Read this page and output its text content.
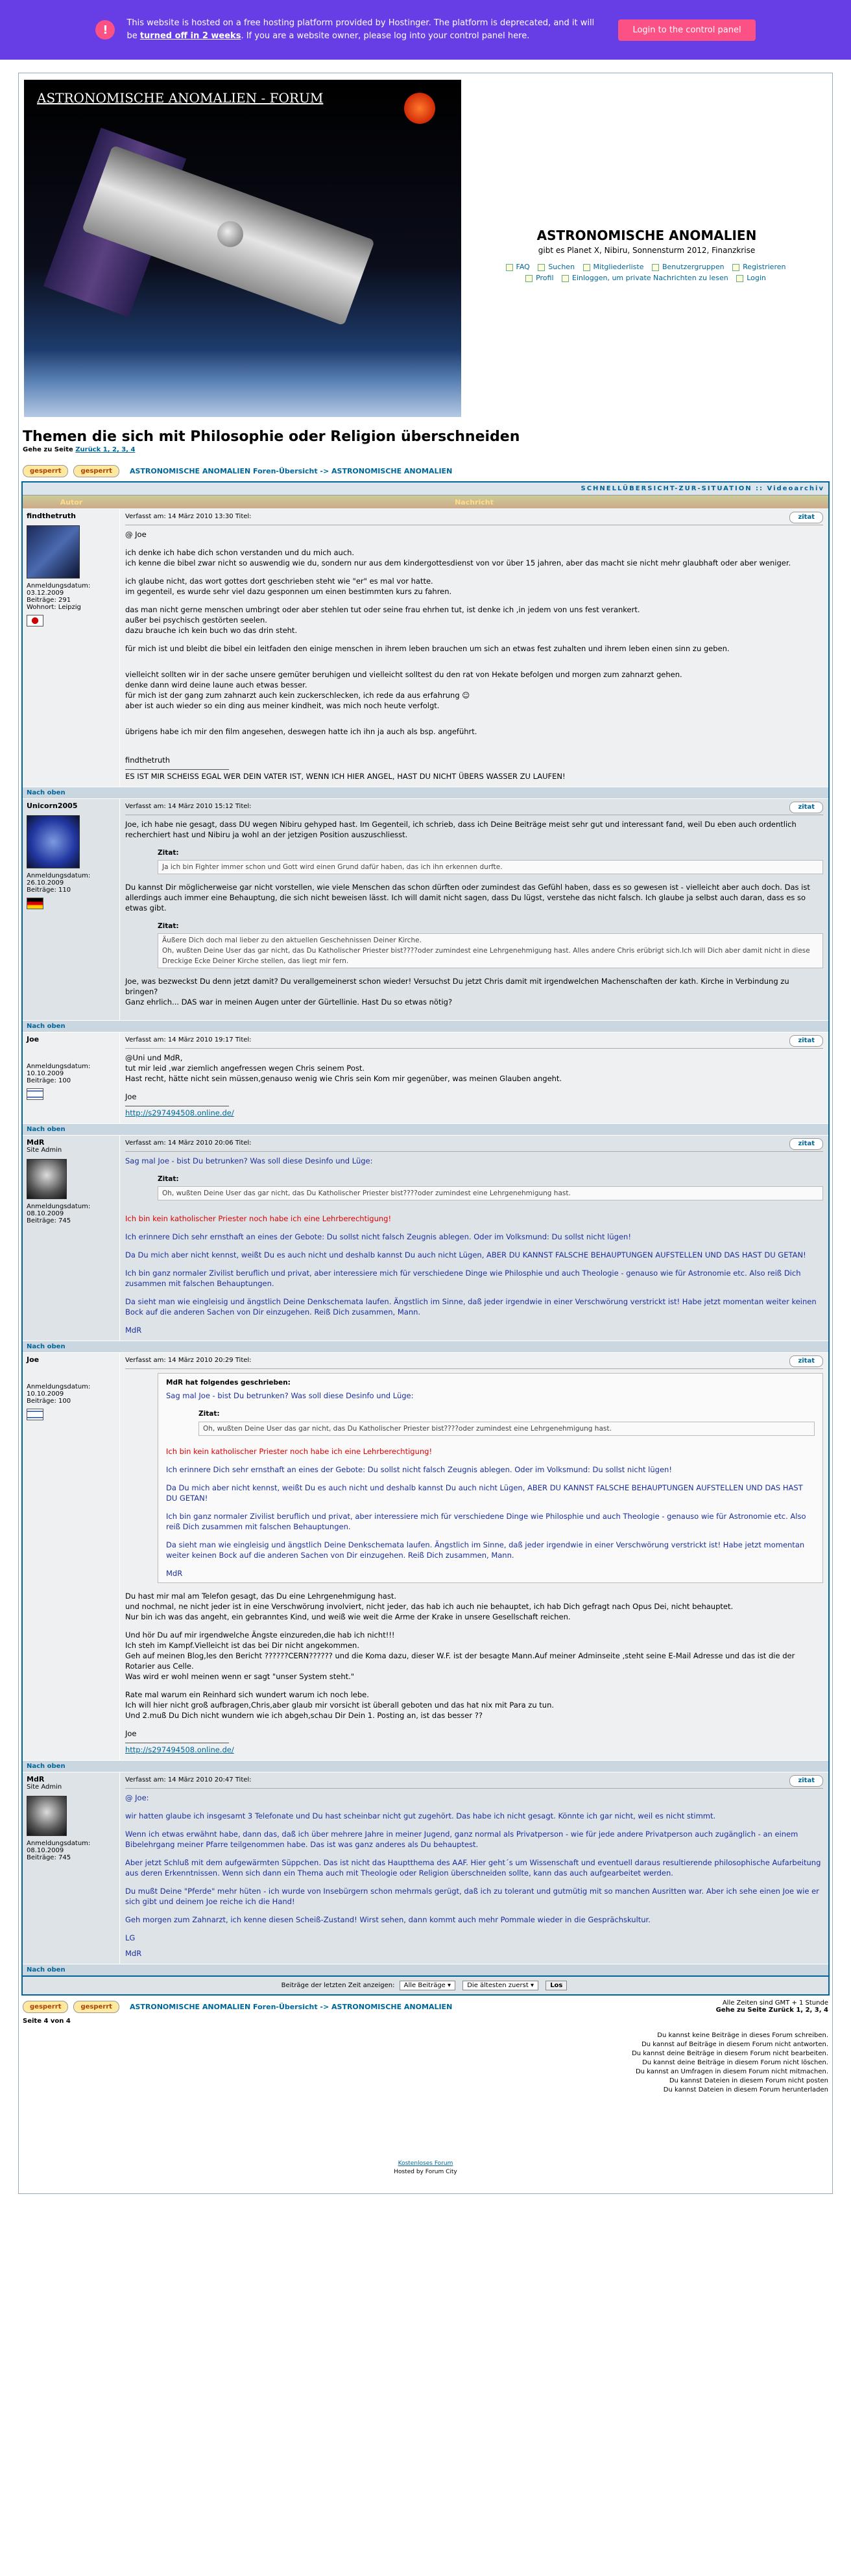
!	This website is hosted on a free hosting platform provided by Hostinger. The platform is deprecated, and it will be turned off in 2 weeks. If you are a website owner, please log into your control panel here.
Login to the control panel
ASTRONOMISCHE ANOMALIEN - FORUM
ASTRONOMISCHE ANOMALIEN
gibt es Planet X, Nibiru, Sonnensturm 2012, Finanzkrise
FAQ	Suchen	Mitgliederliste	Benutzergruppen	Registrieren
Profil	Einloggen, um private Nachrichten zu lesen	Login
Themen die sich mit Philosophie oder Religion überschneiden
Gehe zu Seite Zurück 1, 2, 3, 4
gesperrt	gesperrt	ASTRONOMISCHE ANOMALIEN Foren-Übersicht -> ASTRONOMISCHE ANOMALIEN
SCHNELLÜBERSICHT-ZUR-SITUATION :: Videoarchiv
Autor	Nachricht
findthetruth
Anmeldungsdatum: 03.12.2009
Beiträge: 291
Wohnort: Leipzig
Verfasst am: 14 März 2010 13:30 Titel:	zitat

@ Joe

ich denke ich habe dich schon verstanden und du mich auch.
ich kenne die bibel zwar nicht so auswendig wie du, sondern nur aus dem kindergottesdienst von vor über 15 jahren, aber das macht sie nicht mehr glaubhaft oder aber weniger.

ich glaube nicht, das wort gottes dort geschrieben steht wie "er" es mal vor hatte.
im gegenteil, es wurde sehr viel dazu gesponnen um einen bestimmten kurs zu fahren.

das man nicht gerne menschen umbringt oder aber stehlen tut oder seine frau ehrhen tut, ist denke ich ,in jedem von uns fest verankert.
außer bei psychisch gestörten seelen.
dazu brauche ich kein buch wo das drin steht.

für mich ist und bleibt die bibel ein leitfaden den einige menschen in ihrem leben brauchen um sich an etwas fest zuhalten und ihrem leben einen sinn zu geben.

vielleicht sollten wir in der sache unsere gemüter beruhigen und vielleicht solltest du den rat von Hekate befolgen und morgen zum zahnarzt gehen.
denke dann wird deine laune auch etwas besser.
für mich ist der gang zum zahnarzt auch kein zuckerschlecken, ich rede da aus erfahrung ☺
aber ist auch wieder so ein ding aus meiner kindheit, was mich noch heute verfolgt.

übrigens habe ich mir den film angesehen, deswegen hatte ich ihn ja auch als bsp. angeführt.

findthetruth

ES IST MIR SCHEISS EGAL WER DEIN VATER IST, WENN ICH HIER ANGEL, HAST DU NICHT ÜBERS WASSER ZU LAUFEN!
Nach oben
Unicorn2005
Anmeldungsdatum: 26.10.2009
Beiträge: 110
Verfasst am: 14 März 2010 15:12 Titel:	zitat

Joe, ich habe nie gesagt, dass DU wegen Nibiru gehyped hast. Im Gegenteil, ich schrieb, dass ich Deine Beiträge meist sehr gut und interessant fand, weil Du eben auch ordentlich recherchiert hast und Nibiru ja wohl an der jetzigen Position auszuschliesst.

Zitat:
Ja ich bin Fighter immer schon und Gott wird einen Grund dafür haben, das ich ihn erkennen durfte.

Du kannst Dir möglicherweise gar nicht vorstellen, wie viele Menschen das schon dürften oder zumindest das Gefühl haben, dass es so gewesen ist - vielleicht aber auch doch. Das ist allerdings auch immer eine Behauptung, die sich nicht beweisen lässt. Ich will damit nicht sagen, dass Du lügst, verstehe das nicht falsch. Ich glaube ja selbst auch daran, dass es so etwas gibt.

Zitat:
Äußere Dich doch mal lieber zu den aktuellen Geschehnissen Deiner Kirche.
Oh, wußten Deine User das gar nicht, das Du Katholischer Priester bist????oder zumindest eine Lehrgenehmigung hast. Alles andere Chris erübrigt sich.Ich will Dich aber damit nicht in diese Dreckige Ecke Deiner Kirche stellen, das liegt mir fern.

Joe, was bezweckst Du denn jetzt damit? Du verallgemeinerst schon wieder! Versuchst Du jetzt Chris damit mit irgendwelchen Machenschaften der kath. Kirche in Verbindung zu bringen?
Ganz ehrlich... DAS war in meinen Augen unter der Gürtellinie. Hast Du so etwas nötig?

Nach oben
Joe
Anmeldungsdatum: 10.10.2009
Beiträge: 100
Verfasst am: 14 März 2010 19:17 Titel:	zitat

@Uni und MdR,
tut mir leid ,war ziemlich angefressen wegen Chris seinem Post.
Hast recht, hätte nicht sein müssen,genauso wenig wie Chris sein Kom mir gegenüber, was meinen Glauben angeht.

Joe

http://s297494508.online.de/
Nach oben
MdR
Site Admin
Anmeldungsdatum: 08.10.2009
Beiträge: 745
Verfasst am: 14 März 2010 20:06 Titel:	zitat

Sag mal Joe - bist Du betrunken? Was soll diese Desinfo und Lüge:

Zitat:
Oh, wußten Deine User das gar nicht, das Du Katholischer Priester bist????oder zumindest eine Lehrgenehmigung hast.

Ich bin kein katholischer Priester noch habe ich eine Lehrberechtigung!

Ich erinnere Dich sehr ernsthaft an eines der Gebote: Du sollst nicht falsch Zeugnis ablegen. Oder im Volksmund: Du sollst nicht lügen!

Da Du mich aber nicht kennst, weißt Du es auch nicht und deshalb kannst Du auch nicht Lügen, ABER DU KANNST FALSCHE BEHAUPTUNGEN AUFSTELLEN UND DAS HAST DU GETAN!

Ich bin ganz normaler Zivilist beruflich und privat, aber interessiere mich für verschiedene Dinge wie Philosphie und auch Theologie - genauso wie für Astronomie etc. Also reiß Dich zusammen mit falschen Behauptungen.

Da sieht man wie eingleisig und ängstlich Deine Denkschemata laufen. Ängstlich im Sinne, daß jeder irgendwie in einer Verschwörung verstrickt ist! Habe jetzt momentan weiter keinen Bock auf die anderen Sachen von Dir einzugehen. Reiß Dich zusammen, Mann.

MdR

Nach oben
Joe
Anmeldungsdatum: 10.10.2009
Beiträge: 100
Verfasst am: 14 März 2010 20:29 Titel:	zitat
MdR hat folgendes geschrieben:

Sag mal Joe - bist Du betrunken? Was soll diese Desinfo und Lüge:

Zitat:
Oh, wußten Deine User das gar nicht, das Du Katholischer Priester bist????oder zumindest eine Lehrgenehmigung hast.

Ich bin kein katholischer Priester noch habe ich eine Lehrberechtigung!

Ich erinnere Dich sehr ernsthaft an eines der Gebote: Du sollst nicht falsch Zeugnis ablegen. Oder im Volksmund: Du sollst nicht lügen!

Da Du mich aber nicht kennst, weißt Du es auch nicht und deshalb kannst Du auch nicht Lügen, ABER DU KANNST FALSCHE BEHAUPTUNGEN AUFSTELLEN UND DAS HAST DU GETAN!

Ich bin ganz normaler Zivilist beruflich und privat, aber interessiere mich für verschiedene Dinge wie Philosphie und auch Theologie - genauso wie für Astronomie etc. Also reiß Dich zusammen mit falschen Behauptungen.

Da sieht man wie eingleisig und ängstlich Deine Denkschemata laufen. Ängstlich im Sinne, daß jeder irgendwie in einer Verschwörung verstrickt ist! Habe jetzt momentan weiter keinen Bock auf die anderen Sachen von Dir einzugehen. Reiß Dich zusammen, Mann.

MdR

Du hast mir mal am Telefon gesagt, das Du eine Lehrgenehmigung hast.
und nochmal, ne nicht jeder ist in eine Verschwörung involviert, nicht jeder, das hab ich auch nie behauptet, ich hab Dich gefragt nach Opus Dei, nicht behauptet.
Nur bin ich was das angeht, ein gebranntes Kind, und weiß wie weit die Arme der Krake in unsere Gesellschaft reichen.

Und hör Du auf mir irgendwelche Ängste einzureden,die hab ich nicht!!!
Ich steh im Kampf.Vielleicht ist das bei Dir nicht angekommen.
Geh auf meinen Blog,les den Bericht ??????CERN?????? und die Koma dazu, dieser W.F. ist der besagte Mann.Auf meiner Adminseite ,steht seine E-Mail Adresse und das ist die der Rotarier aus Celle.
Was wird er wohl meinen wenn er sagt "unser System steht."

Rate mal warum ein Reinhard sich wundert warum ich noch lebe.
Ich will hier nicht groß aufbragen,Chris,aber glaub mir vorsicht ist überall geboten und das hat nix mit Para zu tun.
Und 2.muß Du Dich nicht wundern wie ich abgeh,schau Dir Dein 1. Posting an, ist das besser ??

Joe

http://s297494508.online.de/
Nach oben
MdR
Site Admin
Anmeldungsdatum: 08.10.2009
Beiträge: 745
Verfasst am: 14 März 2010 20:47 Titel:	zitat

@ Joe:

wir hatten glaube ich insgesamt 3 Telefonate und Du hast scheinbar nicht gut zugehört. Das habe ich nicht gesagt. Könnte ich gar nicht, weil es nicht stimmt.

Wenn ich etwas erwähnt habe, dann das, daß ich über mehrere Jahre in meiner Jugend, ganz normal als Privatperson - wie für jede andere Privatperson auch zugänglich - an einem Bibelehrgang meiner Pfarre teilgenommen habe. Das ist was ganz anderes als Du behauptest.

Aber jetzt Schluß mit dem aufgewärmten Süppchen. Das ist nicht das Hauptthema des AAF. Hier geht´s um Wissenschaft und eventuell daraus resultierende philosophische Aufarbeitung aus deren Erkenntnissen. Wenn sich dann ein Thema auch mit Theologie oder Religion überschneiden sollte, kann das auch aufgearbeitet werden.

Du mußt Deine "Pferde" mehr hüten - ich wurde von Insebürgern schon mehrmals gerügt, daß ich zu tolerant und gutmütig mit so manchen Ausritten war. Aber ich sehe einen Joe wie er sich gibt und deinem Joe reiche ich die Hand!

Geh morgen zum Zahnarzt, ich kenne diesen Scheiß-Zustand! Wirst sehen, dann kommt auch mehr Pommale wieder in die Gesprächskultur.

LG

MdR

Nach oben
Beiträge der letzten Zeit anzeigen: Alle Beiträge ▾	Die ältesten zuerst ▾	Los
gesperrt	gesperrt	ASTRONOMISCHE ANOMALIEN Foren-Übersicht -> ASTRONOMISCHE ANOMALIEN	Alle Zeiten sind GMT + 1 Stunde
Gehe zu Seite Zurück 1, 2, 3, 4
Seite 4 von 4
Du kannst keine Beiträge in dieses Forum schreiben.
Du kannst auf Beiträge in diesem Forum nicht antworten.
Du kannst deine Beiträge in diesem Forum nicht bearbeiten.
Du kannst deine Beiträge in diesem Forum nicht löschen.
Du kannst an Umfragen in diesem Forum nicht mitmachen.
Du kannst Dateien in diesem Forum nicht posten
Du kannst Dateien in diesem Forum herunterladen
Kostenloses Forum
Hosted by Forum City
